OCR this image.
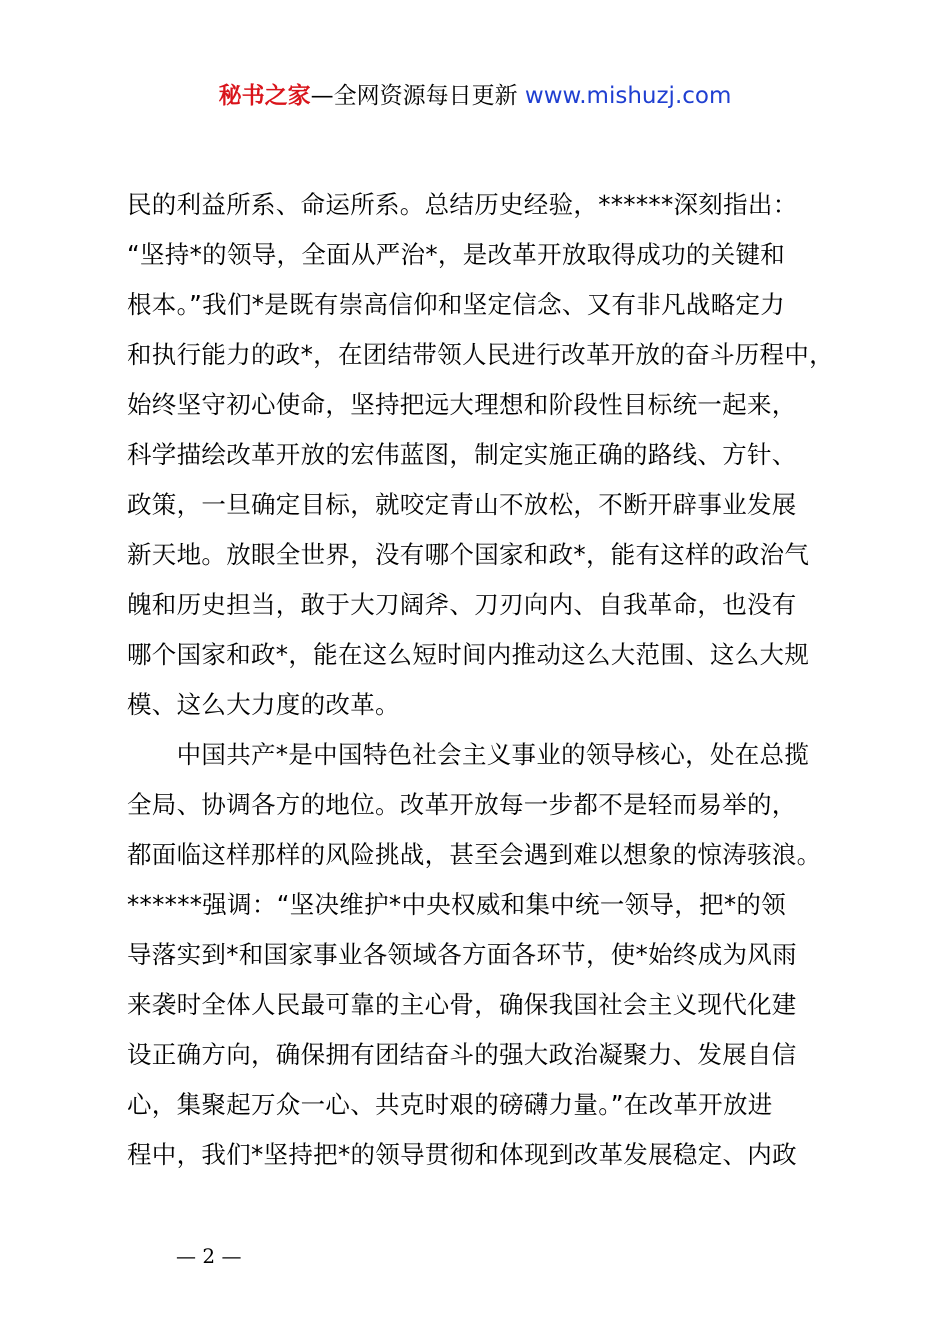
秘书之家—全网资源每日更新 www.mishuzj.com
民的利益所系、命运所系。总结历史经验，******深刻指出：
“坚持*的领导，全面从严治*，是改革开放取得成功的关键和
根本。”我们*是既有崇高信仰和坚定信念、又有非凡战略定力
和执行能力的政*，在团结带领人民进行改革开放的奋斗历程中，
始终坚守初心使命，坚持把远大理想和阶段性目标统一起来，
科学描绘改革开放的宏伟蓝图，制定实施正确的路线、方针、
政策，一旦确定目标，就咬定青山不放松，不断开辟事业发展
新天地。放眼全世界，没有哪个国家和政*，能有这样的政治气
魄和历史担当，敢于大刀阔斧、刀刃向内、自我革命，也没有
哪个国家和政*，能在这么短时间内推动这么大范围、这么大规
模、这么大力度的改革。
　　中国共产*是中国特色社会主义事业的领导核心，处在总揽
全局、协调各方的地位。改革开放每一步都不是轻而易举的，
都面临这样那样的风险挑战，甚至会遇到难以想象的惊涛骇浪。
******强调：“坚决维护*中央权威和集中统一领导，把*的领
导落实到*和国家事业各领域各方面各环节，使*始终成为风雨
来袭时全体人民最可靠的主心骨，确保我国社会主义现代化建
设正确方向，确保拥有团结奋斗的强大政治凝聚力、发展自信
心，集聚起万众一心、共克时艰的磅礴力量。”在改革开放进
程中，我们*坚持把*的领导贯彻和体现到改革发展稳定、内政
— 2 —
